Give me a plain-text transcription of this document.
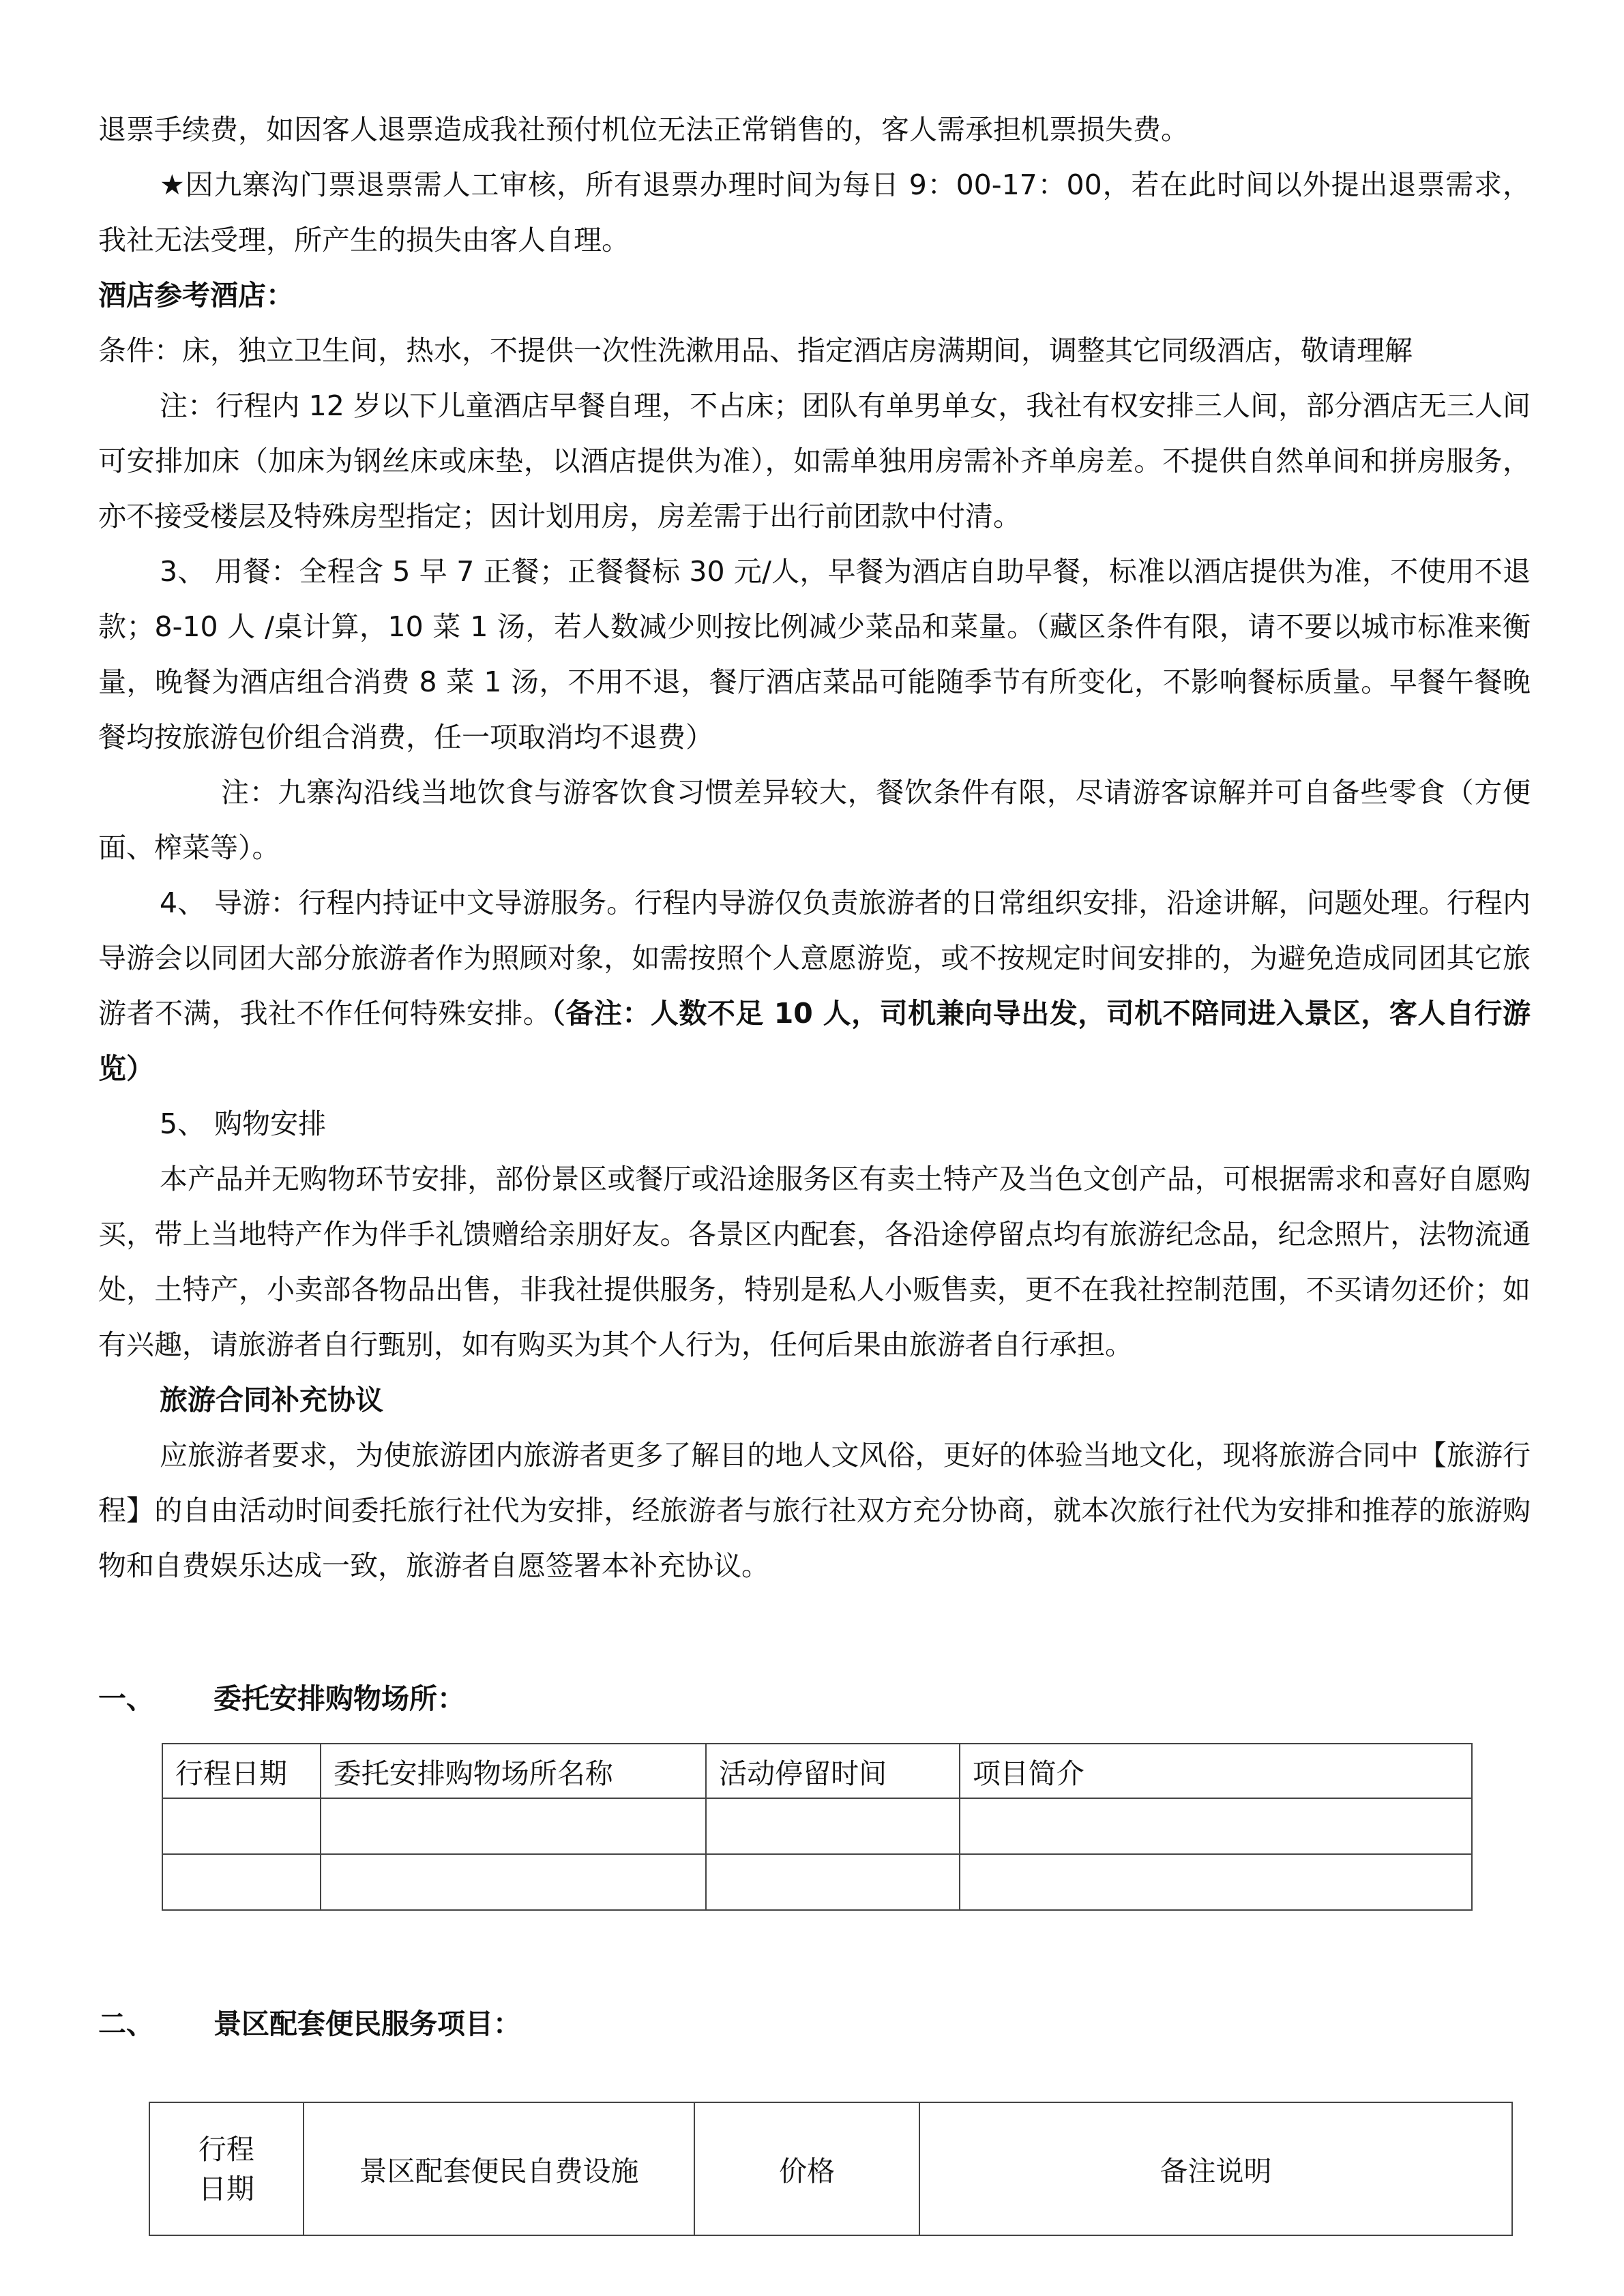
退票手续费，如因客人退票造成我社预付机位无法正常销售的，客人需承担机票损失费。

★因九寨沟门票退票需人工审核，所有退票办理时间为每日 9：00-17：00，若在此时间以外提出退票需求，我社无法受理，所产生的损失由客人自理。

酒店参考酒店：

条件：床，独立卫生间，热水，不提供一次性洗漱用品、指定酒店房满期间，调整其它同级酒店，敬请理解

注：行程内 12 岁以下儿童酒店早餐自理，不占床；团队有单男单女，我社有权安排三人间，部分酒店无三人间可安排加床（加床为钢丝床或床垫，以酒店提供为准），如需单独用房需补齐单房差。不提供自然单间和拼房服务，亦不接受楼层及特殊房型指定；因计划用房，房差需于出行前团款中付清。

3、 用餐：全程含 5 早 7 正餐；正餐餐标 30 元/人，早餐为酒店自助早餐，标准以酒店提供为准，不使用不退款；8-10 人 /桌计算，10 菜 1 汤，若人数减少则按比例减少菜品和菜量。（藏区条件有限，请不要以城市标准来衡量，晚餐为酒店组合消费 8 菜 1 汤，不用不退，餐厅酒店菜品可能随季节有所变化，不影响餐标质量。早餐午餐晚餐均按旅游包价组合消费，任一项取消均不退费）

注：九寨沟沿线当地饮食与游客饮食习惯差异较大，餐饮条件有限，尽请游客谅解并可自备些零食（方便面、榨菜等）。

4、 导游：行程内持证中文导游服务。行程内导游仅负责旅游者的日常组织安排，沿途讲解，问题处理。行程内导游会以同团大部分旅游者作为照顾对象，如需按照个人意愿游览，或不按规定时间安排的，为避免造成同团其它旅游者不满，我社不作任何特殊安排。（备注：人数不足 10 人，司机兼向导出发，司机不陪同进入景区，客人自行游览）

5、 购物安排

本产品并无购物环节安排，部份景区或餐厅或沿途服务区有卖土特产及当色文创产品，可根据需求和喜好自愿购买，带上当地特产作为伴手礼馈赠给亲朋好友。各景区内配套，各沿途停留点均有旅游纪念品，纪念照片，法物流通处，土特产，小卖部各物品出售，非我社提供服务，特别是私人小贩售卖，更不在我社控制范围，不买请勿还价；如有兴趣，请旅游者自行甄别，如有购买为其个人行为，任何后果由旅游者自行承担。

旅游合同补充协议

应旅游者要求，为使旅游团内旅游者更多了解目的地人文风俗，更好的体验当地文化，现将旅游合同中【旅游行程】的自由活动时间委托旅行社代为安排，经旅游者与旅行社双方充分协商，就本次旅行社代为安排和推荐的旅游购物和自费娱乐达成一致，旅游者自愿签署本补充协议。

一、 委托安排购物场所：
行程日期	委托安排购物场所名称	活动停留时间	项目简介

二、 景区配套便民服务项目：
行程
日期	景区配套便民自费设施	价格	备注说明
